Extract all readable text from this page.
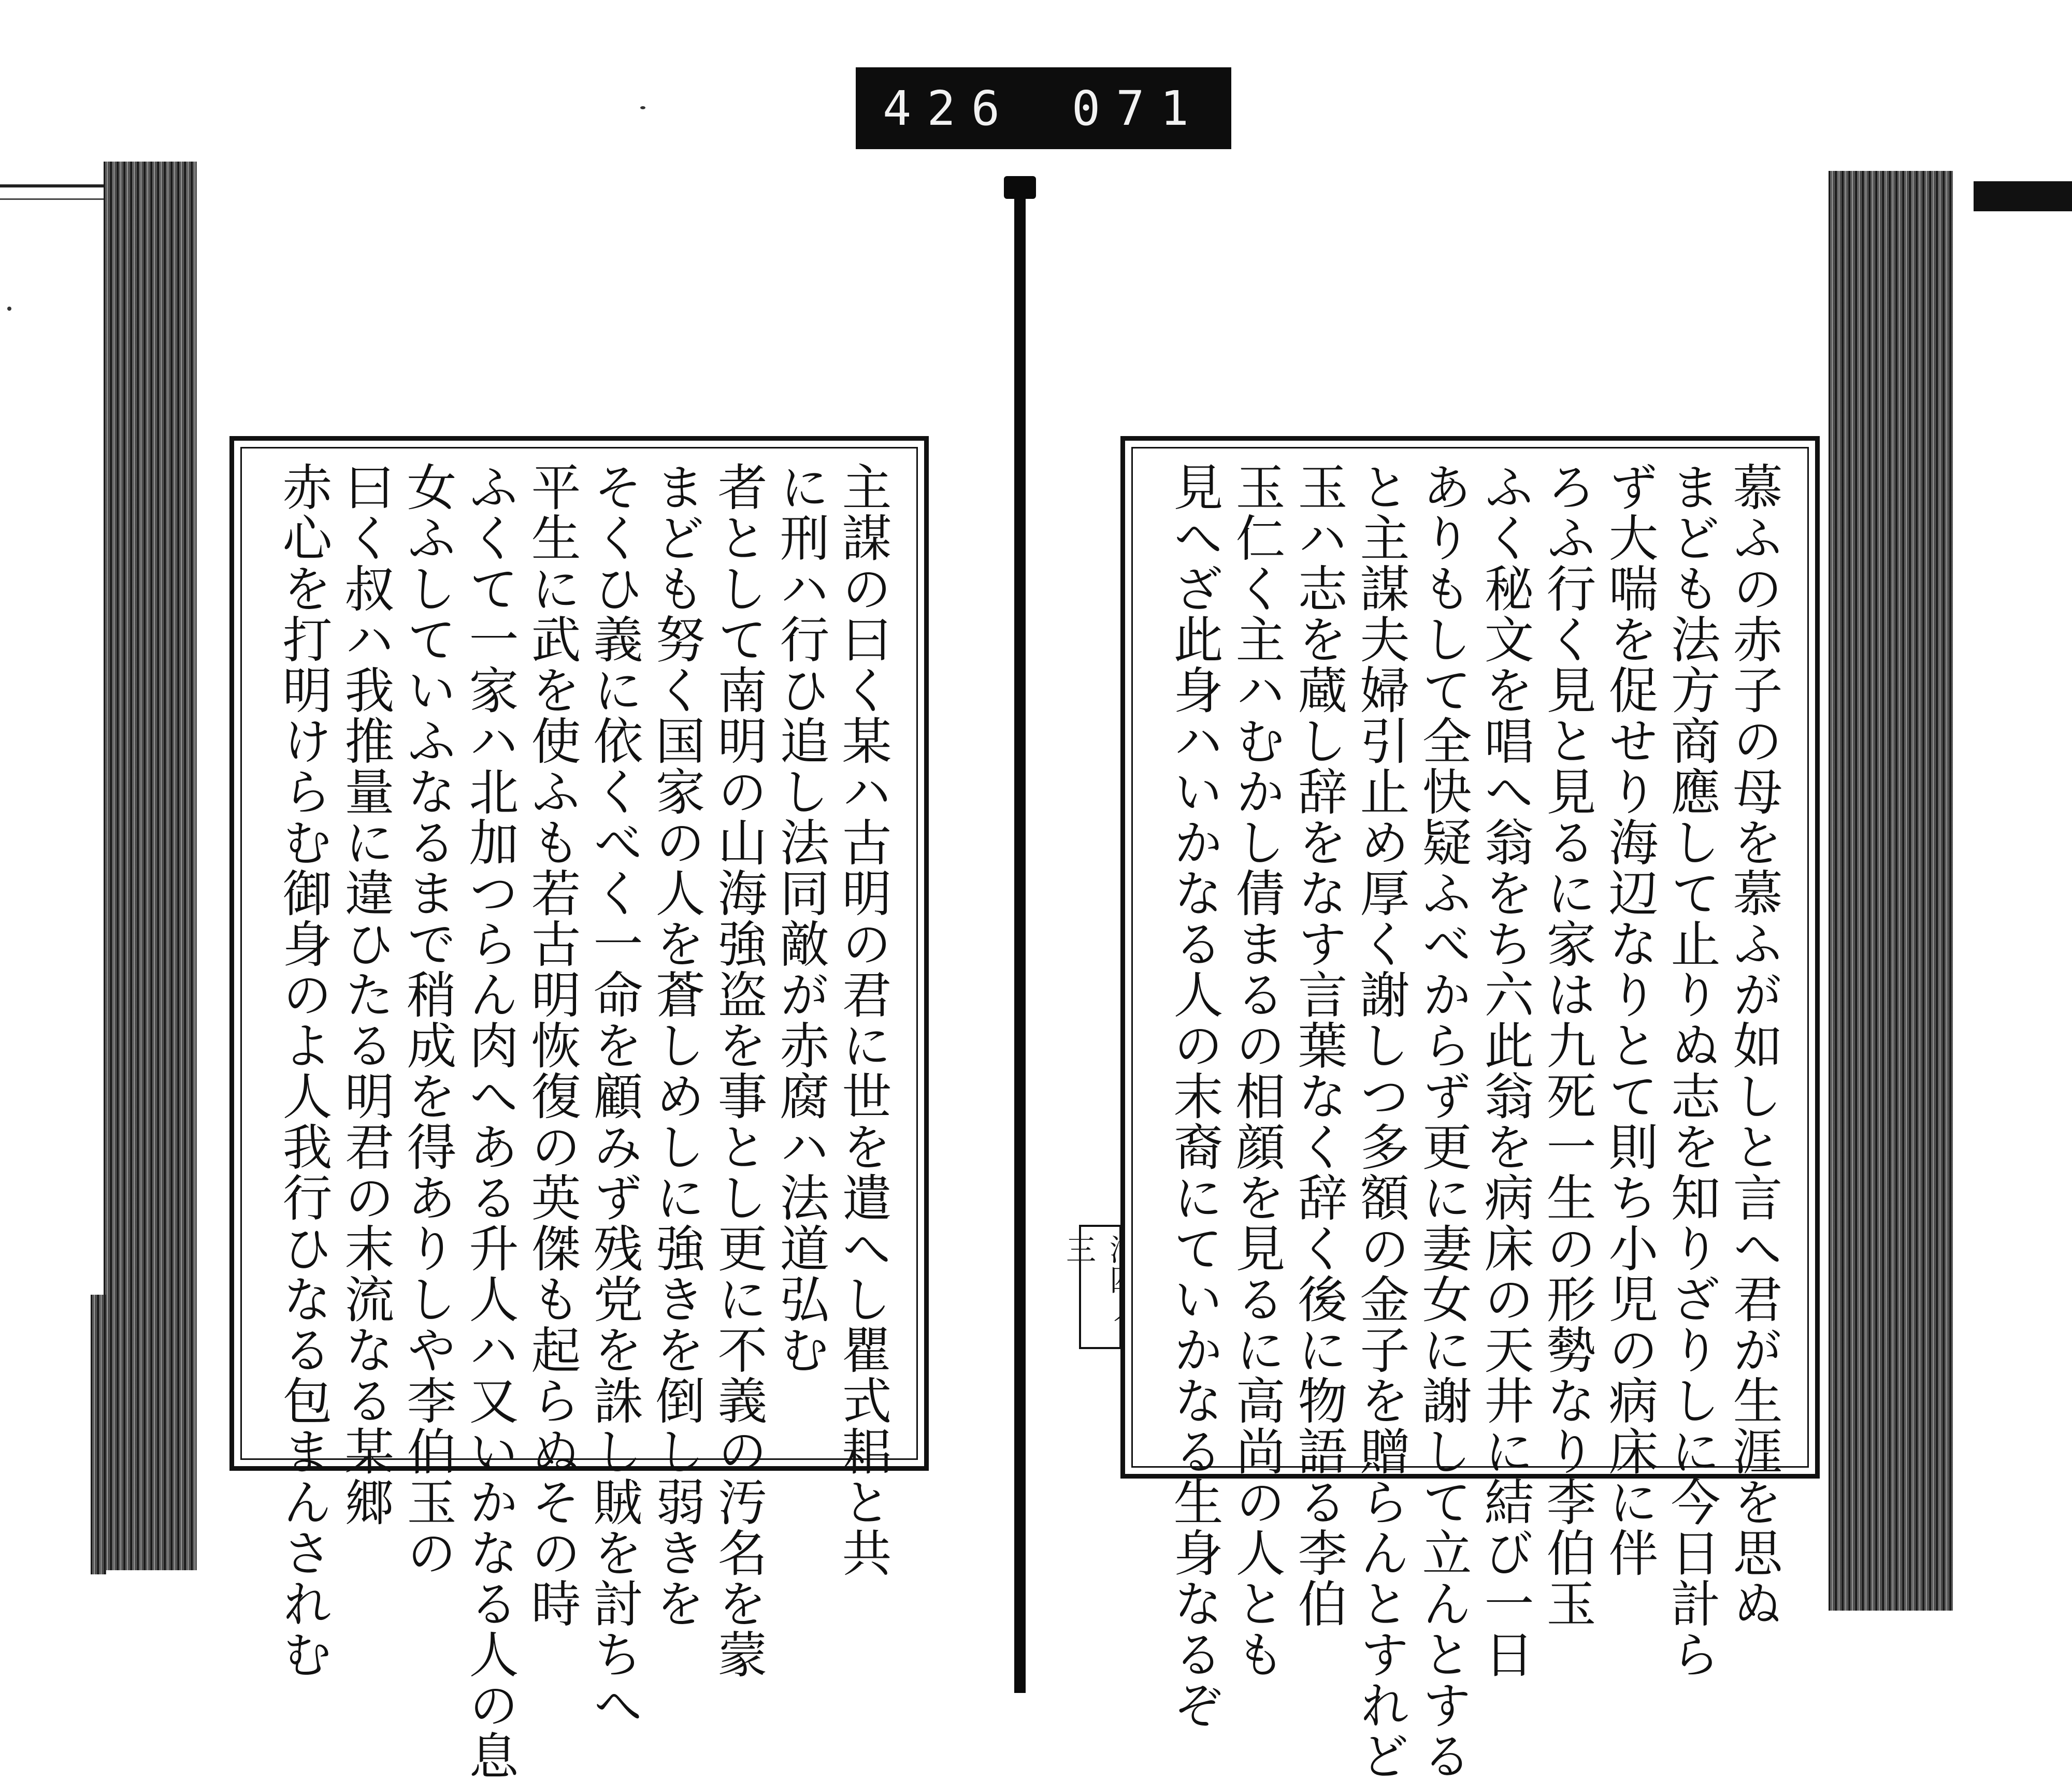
426 071
主謀の曰く某ハ古明の君に世を遣へし瞿式耜と共
に刑ハ行ひ追し法同敵が赤腐ハ法道弘む
者として南明の山海強盗を事とし更に不義の汚名を蒙
まども努く国家の人を蒼しめしに強きを倒し弱きを
そくひ義に依くべく一命を顧みず残党を誅し賊を討ちへ
平生に武を使ふも若古明恢復の英傑も起らぬその時
ふくて一家ハ北加つらん肉へある升人ハ又いかなる人の息
女ふしていふなるまで稍成を得ありしや李伯玉の
曰く叔ハ我推量に違ひたる明君の末流なる某郷
赤心を打明けらむ御身のよ人我行ひなる包まんされむ	三	慕ふの赤子の母を慕ふが如しと言へ君が生涯を思ぬ
まども法方商應して止りぬ志を知りざりしに今日計ら
ず大喘を促せり海辺なりとて則ち小児の病床に伴
ろふ行く見と見るに家は九死一生の形勢なり李伯玉
ふく秘文を唱へ翁をち六此翁を病床の天井に結び一日
ありもして全快疑ふべからず更に妻女に謝して立んとする
と主謀夫婦引止め厚く謝しつ多額の金子を贈らんとすれど
玉ハ志を蔵し辞をなす言葉なく辞く後に物語る李伯
玉仁く主ハむかし倩まるの相顔を見るに高尚の人とも
見へざ此身ハいかなる人の末裔にていかなる生身なるぞ
